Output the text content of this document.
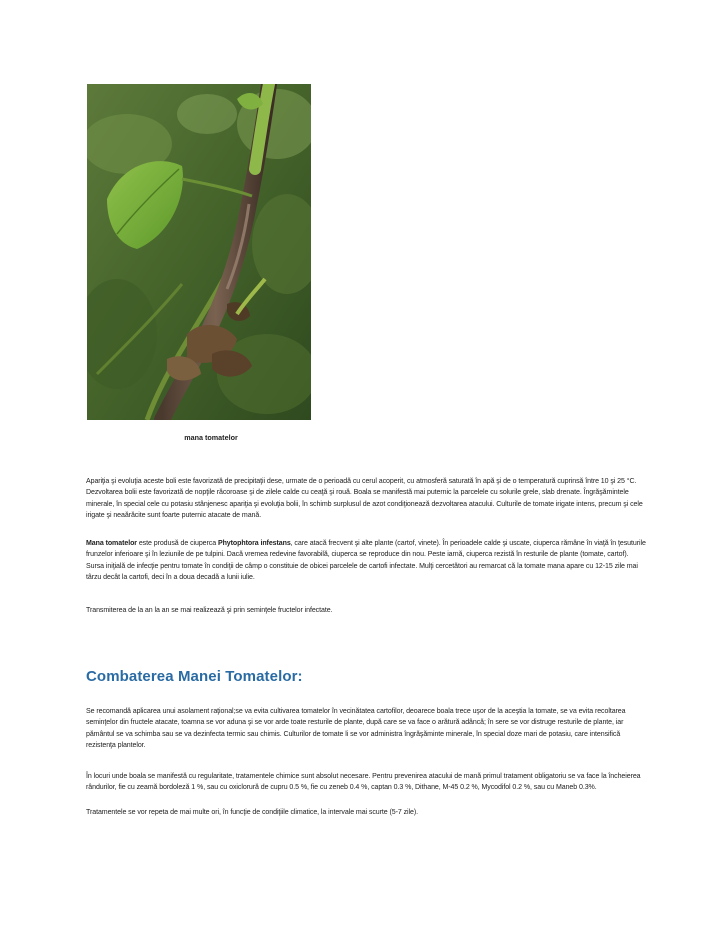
mana tomatelor

Apariţia şi evoluţia aceste boli este favorizată de precipitaţii dese, urmate de o perioadă cu cerul acoperit, cu atmosferă saturată în apă şi de o temperatură cuprinsă între 10 şi 25 °C. Dezvoltarea bolii este favorizată de nopţile răcoroase şi de zilele calde cu ceaţă şi rouă. Boala se manifestă mai puternic la parcelele cu solurile grele, slab drenate. Îngrăşămintele minerale, în special cele cu potasiu stânjenesc apariţia şi evoluţia bolii, în schimb surplusul de azot condiţionează dezvoltarea atacului. Culturile de tomate irigate intens, precum şi cele irigate şi neaărăcite sunt foarte puternic atacate de mană.

Mana tomatelor este produsă de ciuperca Phytophtora infestans, care atacă frecvent şi alte plante (cartof, vinete). În perioadele calde şi uscate, ciuperca rămâne în viaţă în ţesuturile frunzelor inferioare şi în leziunile de pe tulpini. Dacă vremea redevine favorabilă, ciuperca se reproduce din nou. Peste iarnă, ciuperca rezistă în resturile de plante (tomate, cartof). Sursa iniţială de infecţie pentru tomate în condiţii de câmp o constituie de obicei parcelele de cartofi infectate. Mulţi cercetători au remarcat că la tomate mana apare cu 12-15 zile mai târzu decât la cartofi, deci în a doua decadă a lunii iulie.

Transmiterea de la an la an se mai realizează şi prin seminţele fructelor infectate.

Combaterea Manei Tomatelor:

Se recomandă aplicarea unui asolament raţional;se va evita cultivarea tomatelor în vecinătatea cartofilor, deoarece boala trece uşor de la aceştia la tomate, se va evita recoltarea seminţelor din fructele atacate, toamna se vor aduna şi se vor arde toate resturile de plante, după care se va face o arătură adâncă; în sere se vor distruge resturile de plante, iar pământul se va schimba sau se va dezinfecta termic sau chimis. Culturilor de tomate li se vor administra îngrăşăminte minerale, în special doze mari de potasiu, care intensifică rezistenţa plantelor.

În locuri unde boala se manifestă cu regularitate, tratamentele chimice sunt absolut necesare. Pentru prevenirea atacului de mană primul tratament obligatoriu se va face la încheierea rândurilor, fie cu zeamă bordoleză 1 %, sau cu oxiclorură de cupru 0.5 %, fie cu zeneb 0.4 %, captan 0.3 %, Dithane, M-45 0.2 %, Mycodifol 0.2 %, sau cu Maneb 0.3%.

Tratamentele se vor repeta de mai multe ori, în funcţie de condiţiile climatice, la intervale mai scurte (5-7 zile).
